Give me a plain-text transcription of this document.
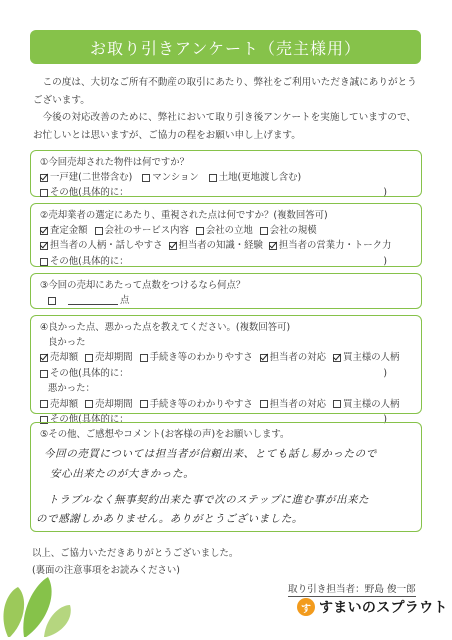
お取り引きアンケート（売主様用）

この度は、大切なご所有不動産の取引にあたり、弊社をご利用いただき誠にありがとうございます。

今後の対応改善のために、弊社において取り引き後アンケートを実施していますので、お忙しいとは思いますが、ご協力の程をお願い申し上げます。

①今回売却された物件は何ですか？
一戸建(二世帯含む) マンション 土地(更地渡し含む)
その他(具体的に：	)
②売却業者の選定にあたり、重視された点は何ですか？(複数回答可)
査定金額 会社のサービス内容 会社の立地 会社の規模
担当者の人柄・話しやすさ 担当者の知識・経験 担当者の営業力・トーク力
その他(具体的に：	)
③今回の売却にあたって点数をつけるなら何点？
点
④良かった点、悪かった点を教えてください。(複数回答可)
良かった
売却額 売却期間 手続き等のわかりやすさ 担当者の対応 買主様の人柄
その他(具体的に：	)
悪かった：
売却額 売却期間 手続き等のわかりやすさ 担当者の対応 買主様の人柄
その他(具体的に：	)
⑤その他、ご感想やコメント(お客様の声)をお願いします。
今回の売買については担当者が信頼出来、とても話し易かったので
安心出来たのが大きかった。
トラブルなく無事契約出来た事で次のステップに進む事が出来た
ので感謝しかありません。ありがとうございました。
以上、ご協力いただきありがとうございました。
(裏面の注意事項をお読みください)
取り引き担当者：野島 俊一郎
す すまいのスプラウト
